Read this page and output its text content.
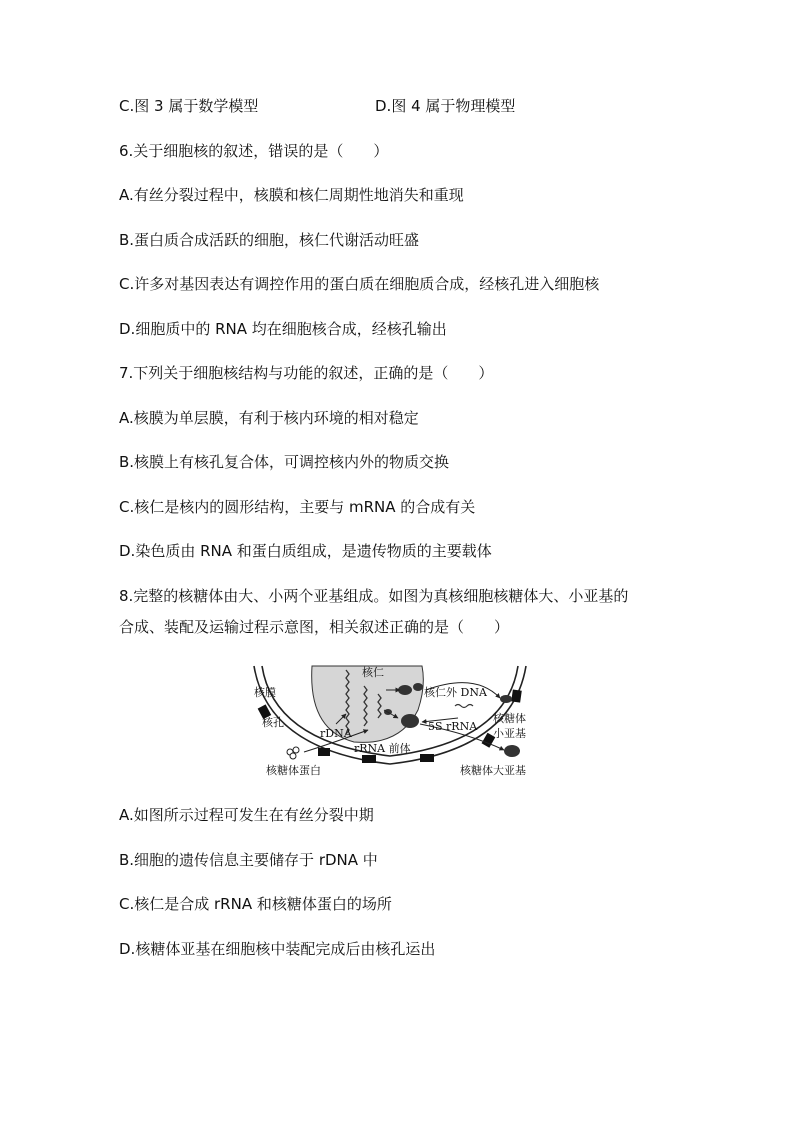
C.图 3 属于数学模型	D.图 4 属于物理模型
6.关于细胞核的叙述，错误的是（　　）
A.有丝分裂过程中，核膜和核仁周期性地消失和重现
B.蛋白质合成活跃的细胞，核仁代谢活动旺盛
C.许多对基因表达有调控作用的蛋白质在细胞质合成，经核孔进入细胞核
D.细胞质中的 RNA 均在细胞核合成，经核孔输出
7.下列关于细胞核结构与功能的叙述，正确的是（　　）
A.核膜为单层膜，有利于核内环境的相对稳定
B.核膜上有核孔复合体，可调控核内外的物质交换
C.核仁是核内的圆形结构，主要与 mRNA 的合成有关
D.染色质由 RNA 和蛋白质组成，是遗传物质的主要载体
8.完整的核糖体由大、小两个亚基组成。如图为真核细胞核糖体大、小亚基的
合成、装配及运输过程示意图，相关叙述正确的是（　　）
核仁
核膜
核孔
rDNA
核仁外 DNA
5S rRNA
核糖体
小亚基
rRNA 前体
核糖体蛋白	核糖体大亚基
A.如图所示过程可发生在有丝分裂中期
B.细胞的遗传信息主要储存于 rDNA 中
C.核仁是合成 rRNA 和核糖体蛋白的场所
D.核糖体亚基在细胞核中装配完成后由核孔运出
